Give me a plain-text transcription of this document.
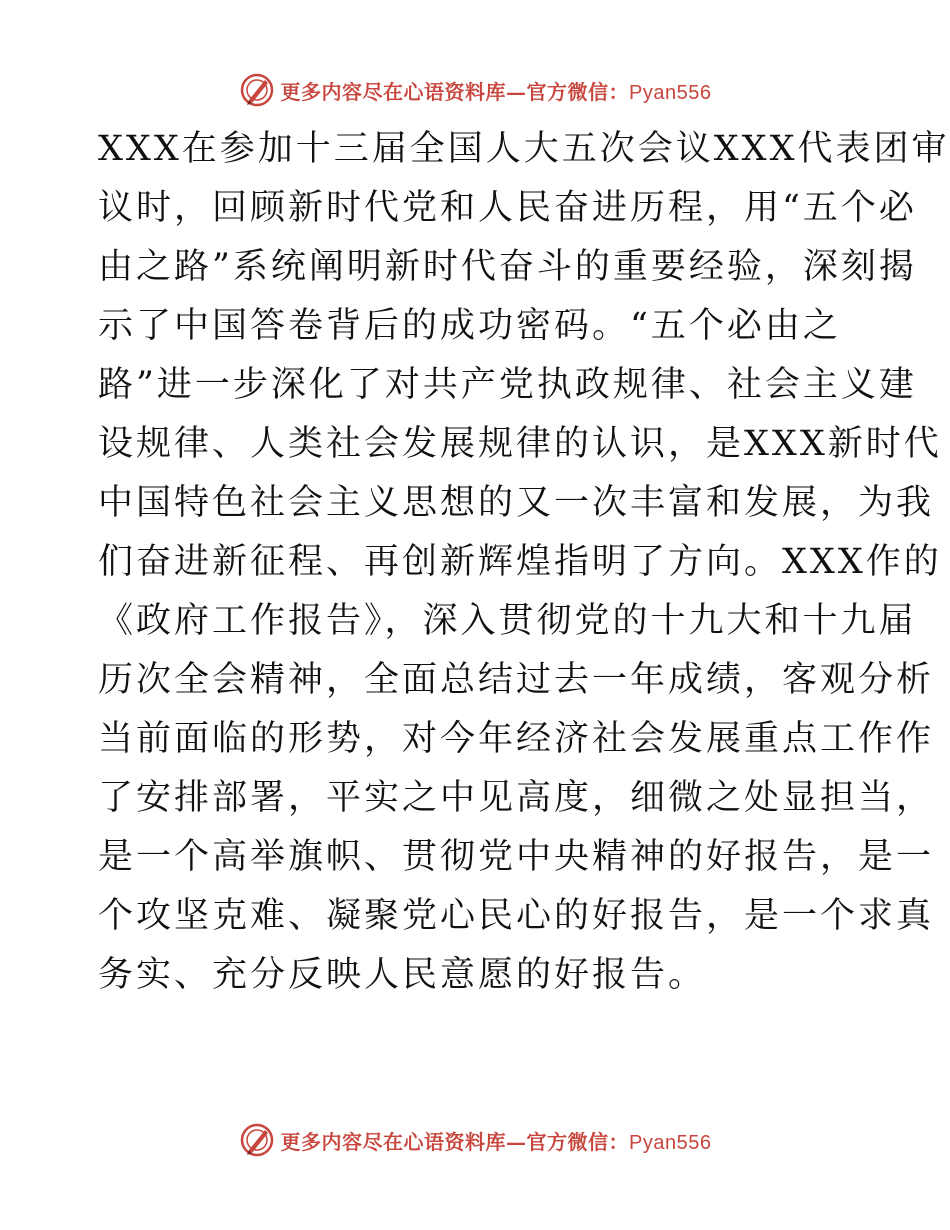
更多内容尽在心语资料库—官方微信：Pyan556
XXX在参加十三届全国人大五次会议XXX代表团审
议时，回顾新时代党和人民奋进历程，用“五个必
由之路”系统阐明新时代奋斗的重要经验，深刻揭
示了中国答卷背后的成功密码。“五个必由之
路”进一步深化了对共产党执政规律、社会主义建
设规律、人类社会发展规律的认识，是XXX新时代
中国特色社会主义思想的又一次丰富和发展，为我
们奋进新征程、再创新辉煌指明了方向。XXX作的
《政府工作报告》，深入贯彻党的十九大和十九届
历次全会精神，全面总结过去一年成绩，客观分析
当前面临的形势，对今年经济社会发展重点工作作
了安排部署，平实之中见高度，细微之处显担当，
是一个高举旗帜、贯彻党中央精神的好报告，是一
个攻坚克难、凝聚党心民心的好报告，是一个求真
务实、充分反映人民意愿的好报告。
更多内容尽在心语资料库—官方微信：Pyan556
